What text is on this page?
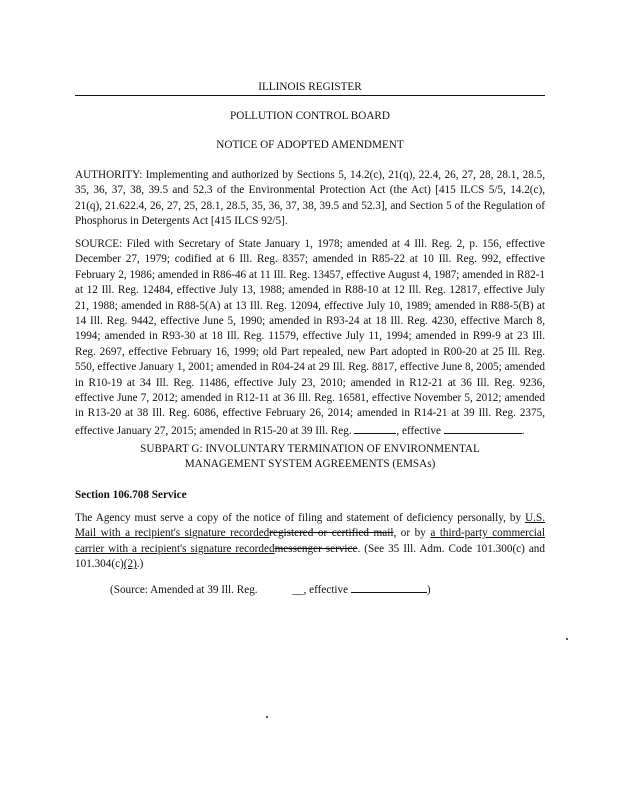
ILLINOIS REGISTER
POLLUTION CONTROL BOARD
NOTICE OF ADOPTED AMENDMENT
AUTHORITY: Implementing and authorized by Sections 5, 14.2(c), 21(q), 22.4, 26, 27, 28, 28.1, 28.5, 35, 36, 37, 38, 39.5 and 52.3 of the Environmental Protection Act (the Act) [415 ILCS 5/5, 14.2(c), 21(q), 21.622.4, 26, 27, 25, 28.1, 28.5, 35, 36, 37, 38, 39.5 and 52.3], and Section 5 of the Regulation of Phosphorus in Detergents Act [415 ILCS 92/5].
SOURCE: Filed with Secretary of State January 1, 1978; amended at 4 Ill. Reg. 2, p. 156, effective December 27, 1979; codified at 6 Ill. Reg. 8357; amended in R85-22 at 10 Ill. Reg. 992, effective February 2, 1986; amended in R86-46 at 11 Ill. Reg. 13457, effective August 4, 1987; amended in R82-1 at 12 Ill. Reg. 12484, effective July 13, 1988; amended in R88-10 at 12 Ill. Reg. 12817, effective July 21, 1988; amended in R88-5(A) at 13 Ill. Reg. 12094, effective July 10, 1989; amended in R88-5(B) at 14 Ill. Reg. 9442, effective June 5, 1990; amended in R93-24 at 18 Ill. Reg. 4230, effective March 8, 1994; amended in R93-30 at 18 Ill. Reg. 11579, effective July 11, 1994; amended in R99-9 at 23 Ill. Reg. 2697, effective February 16, 1999; old Part repealed, new Part adopted in R00-20 at 25 Ill. Reg. 550, effective January 1, 2001; amended in R04-24 at 29 Ill. Reg. 8817, effective June 8, 2005; amended in R10-19 at 34 Ill. Reg. 11486, effective July 23, 2010; amended in R12-21 at 36 Ill. Reg. 9236, effective June 7, 2012; amended in R12-11 at 36 Ill. Reg. 16581, effective November 5, 2012; amended in R13-20 at 38 Ill. Reg. 6086, effective February 26, 2014; amended in R14-21 at 39 Ill. Reg. 2375, effective January 27, 2015; amended in R15-20 at 39 Ill. Reg.	, effective	.
SUBPART G: INVOLUNTARY TERMINATION OF ENVIRONMENTAL
MANAGEMENT SYSTEM AGREEMENTS (EMSAs)
Section 106.708 Service
The Agency must serve a copy of the notice of filing and statement of deficiency personally, by U.S. Mail with a recipient's signature recordedregistered or certified mail, or by a third-party commercial carrier with a recipient's signature recordedmessenger service. (See 35 Ill. Adm. Code 101.300(c) and 101.304(c)(2).)
(Source: Amended at 39 Ill. Reg.	__, effective	)
